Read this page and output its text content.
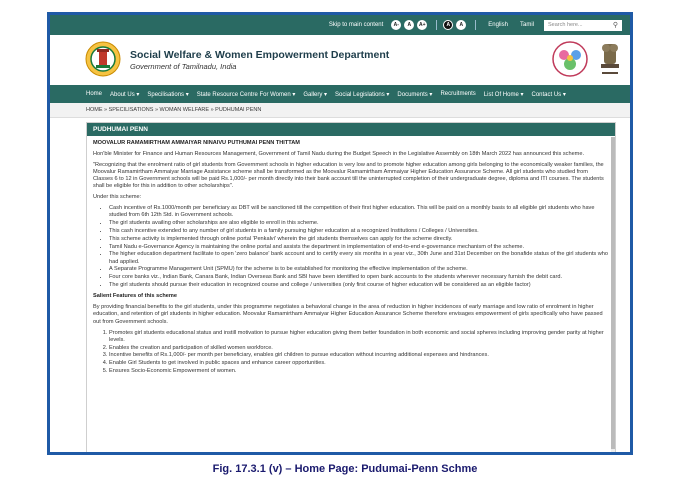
Skip to main content	A-	A	A+	A	A	English Tamil	Search here...	⚲
Social Welfare & Women Empowerment Department
Government of Tamilnadu, India
Home About Us ▾ Specilisations ▾ State Resource Centre For Women ▾ Gallery ▾ Social Legislations ▾ Documents ▾ Recruitments List Of Home ▾ Contact Us ▾
HOME » SPECILISATIONS » WOMAN WELFARE » PUDHUMAI PENN
PUDHUMAI PENN

MOOVALUR RAMAMIRTHAM AMMAIYAR NINAIVU PUTHUMAI PENN THITTAM

Hon'ble Minister for Finance and Human Resources Management, Government of Tamil Nadu during the Budget Speech in the Legislative Assembly on 18th March 2022 has announced this scheme.

"Recognizing that the enrolment ratio of girl students from Government schools in higher education is very low and to promote higher education among girls belonging to the economically weaker families, the Moovalur Ramamirtham Ammaiyar Marriage Assistance scheme shall be transformed as the Moovalur Ramamirtham Ammaiyar Higher Education Assurance Scheme. All girl students who studied from Classes 6 to 12 in Government schools will be paid Rs.1,000/- per month directly into their bank account till the uninterrupted completion of their undergraduate degree, diploma and ITI courses. The students shall be eligible for this in addition to other scholarships".

Under this scheme:

• Cash incentive of Rs.1000/month per beneficiary as DBT will be sanctioned till the competition of their first higher education. This will be paid on a monthly basis to all eligible girl students who have studied from 6th 12th Std. in Government schools.
• The girl students availing other scholarships are also eligible to enroll in this scheme.
• This cash incentive extended to any number of girl students in a family pursuing higher education at a recognized Institutions / Colleges / Universities.
• This scheme activity is implemented through online portal 'Penkalvi' wherein the girl students themselves can apply for the scheme directly.
• Tamil Nadu e-Governance Agency is maintaining the online portal and assists the department in implementation of end-to-end e-governance mechanism of the scheme.
• The higher education department facilitate to open 'zero balance' bank account and to certify every six months in a year viz., 30th June and 31st December on the bonafide status of the girl students who had applied.
• A Separate Programme Management Unit (SPMU) for the scheme is to be established for monitoring the effective implementation of the scheme.
• Four core banks viz., Indian Bank, Canara Bank, Indian Overseas Bank and SBI have been identified to open bank accounts to the students wherever necessary furnish the debit card.
• The girl students should pursue their education in recognized course and college / universities (only first course of higher education will be considered as an eligible factor)

Salient Features of this scheme

By providing financial benefits to the girl students, under this programme negotiates a behavioral change in the area of reduction in higher incidences of early marriage and low ratio of enrolment in higher education, and retention of girl students in higher education. Moovalur Ramamirtham Ammaiyar Higher Education Assurance Scheme therefore envisages empowerment of girls specifically who have passed out from Government schools.

1. Promotes girl students educational status and instill motivation to pursue higher education giving them better foundation in both economic and social spheres including improving gender parity at higher levels.
2. Enables the creation and participation of skilled women workforce.
3. Incentive benefits of Rs.1,000/- per month per beneficiary, enables girl children to pursue education without incurring additional expenses and hindrances.
4. Enable Girl Students to get involved in public spaces and enhance career opportunities.
5. Ensures Socio-Economic Empowerment of women.
Fig. 17.3.1 (v) – Home Page: Pudumai-Penn Schme
